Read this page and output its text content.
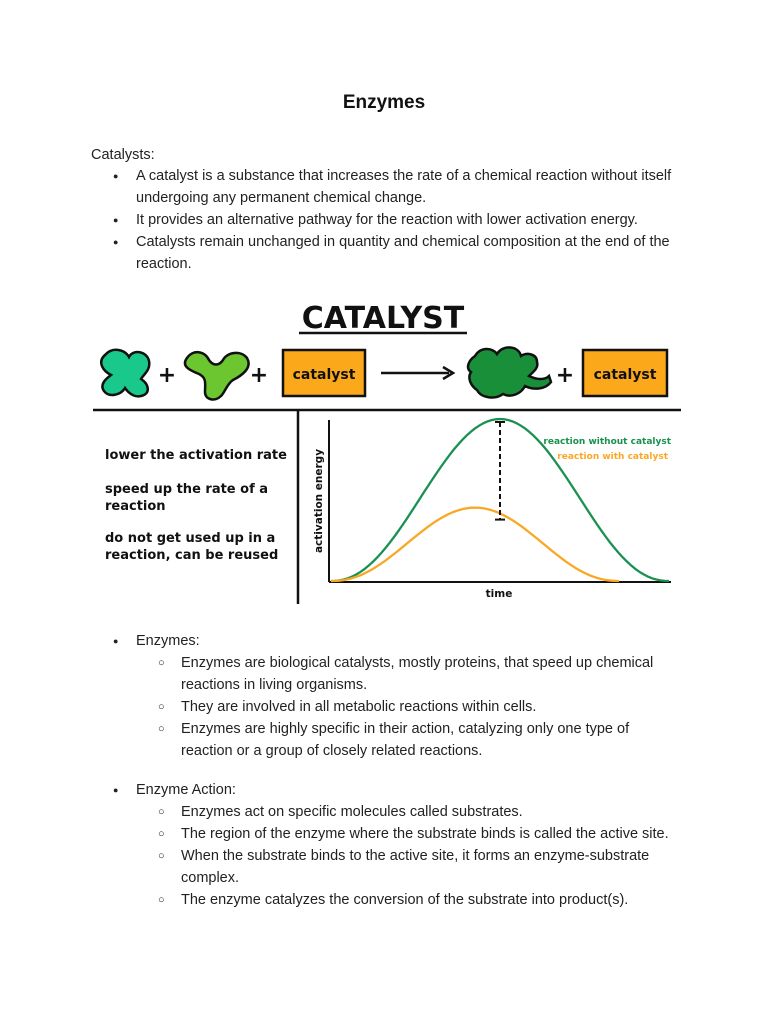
Enzymes
Catalysts:
● A catalyst is a substance that increases the rate of a chemical reaction without itself undergoing any permanent chemical change.
● It provides an alternative pathway for the reaction with lower activation energy.
● Catalysts remain unchanged in quantity and chemical composition at the end of the reaction.
CATALYST
+	+ catalyst	+ catalyst
lower the activation rate
speed up the rate of a
reaction
do not get used up in a
reaction, can be reused
activation energy
time
reaction without catalyst
reaction with catalyst
● Enzymes:
○ Enzymes are biological catalysts, mostly proteins, that speed up chemical reactions in living organisms.
○ They are involved in all metabolic reactions within cells.
○ Enzymes are highly specific in their action, catalyzing only one type of reaction or a group of closely related reactions.
● Enzyme Action:
○ Enzymes act on specific molecules called substrates.
○ The region of the enzyme where the substrate binds is called the active site.
○ When the substrate binds to the active site, it forms an enzyme-substrate complex.
○ The enzyme catalyzes the conversion of the substrate into product(s).
